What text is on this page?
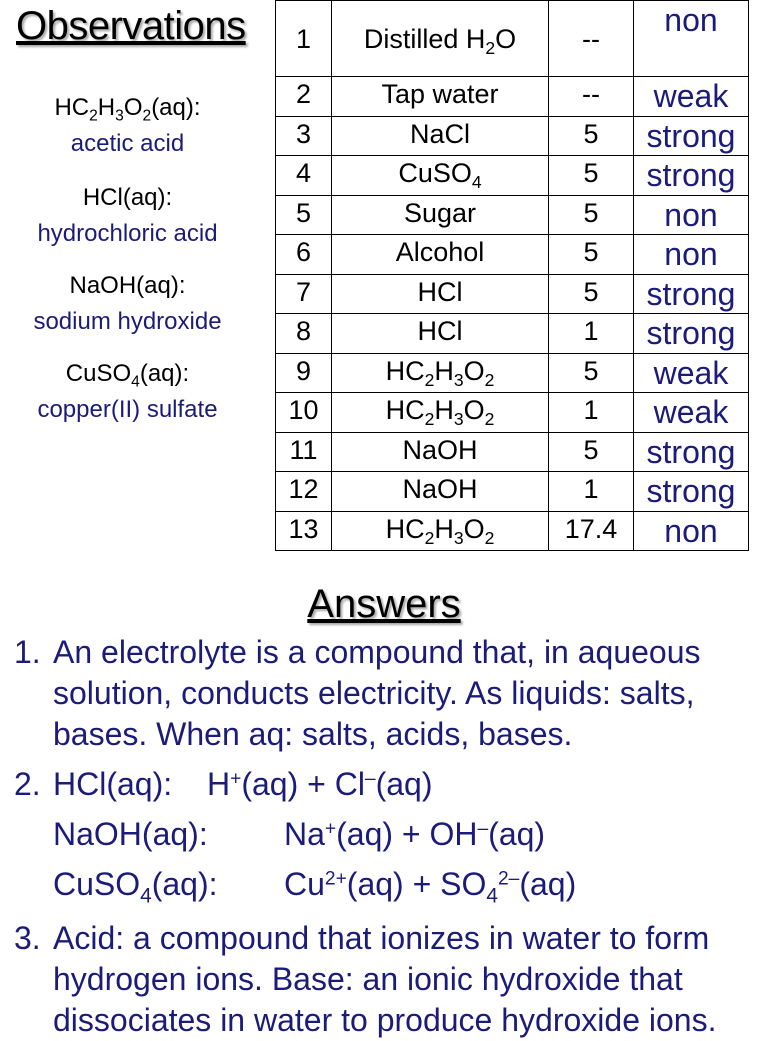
Observations
$HC_2H_3O_2(aq)$:
acetic acid
HCl(aq):
hydrochloric acid
NaOH(aq):
sodium hydroxide
CuSO$_4$(aq):
copper(II) sulfate
1	Distilled $H_2O$	--	non
2	Tap water	--	weak
3	NaCl	5	strong
4	CuSO$_4$	5	strong
5	Sugar	5	non
6	Alcohol	5	non
7	HCl	5	strong
8	HCl	1	strong
9	$HC_2H_3O_2$	5	weak
10	$HC_2H_3O_2$	1	weak
11	NaOH	5	strong
12	NaOH	1	strong
13	$HC_2H_3O_2$	17.4	non
Answers
1. An electrolyte is a compound that, in aqueous solution, conducts electricity. As liquids: salts, bases. When aq: salts, acids, bases.
2. HCl(aq): H+(aq) + Cl–(aq)
NaOH(aq): Na+(aq) + OH–(aq)
CuSO$_4$(aq): $Cu^{2+}(aq) + SO_4^{2-}(aq)$
3. Acid: a compound that ionizes in water to form hydrogen ions. Base: an ionic hydroxide that dissociates in water to produce hydroxide ions.
